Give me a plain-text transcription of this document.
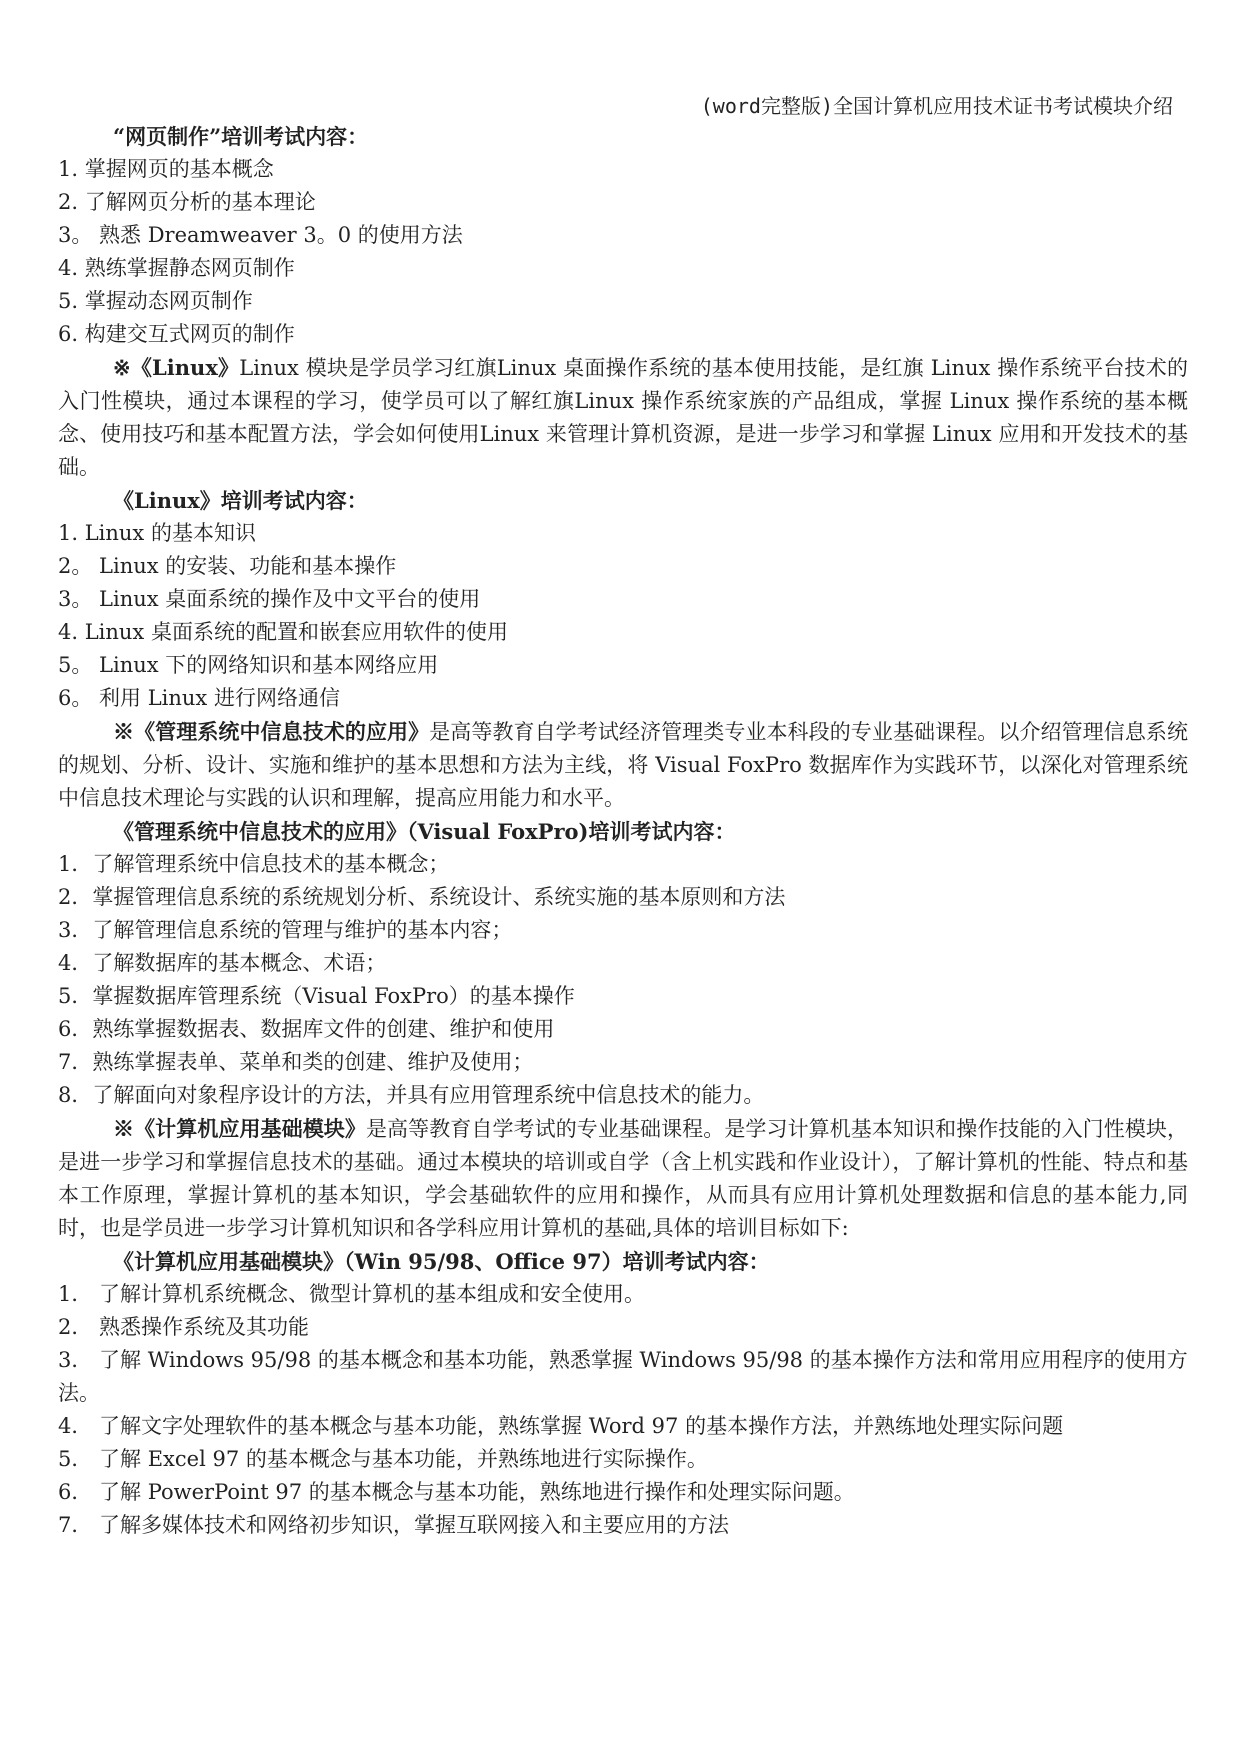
(word完整版)全国计算机应用技术证书考试模块介绍
“网页制作”培训考试内容：
1. 掌握网页的基本概念
2. 了解网页分析的基本理论
3。 熟悉 Dreamweaver 3。0 的使用方法
4. 熟练掌握静态网页制作
5. 掌握动态网页制作
6. 构建交互式网页的制作
※《Linux》Linux 模块是学员学习红旗Linux 桌面操作系统的基本使用技能，是红旗 Linux 操作系统平台技术的入门性模块，通过本课程的学习，使学员可以了解红旗Linux 操作系统家族的产品组成，掌握 Linux 操作系统的基本概念、使用技巧和基本配置方法，学会如何使用Linux 来管理计算机资源，是进一步学习和掌握 Linux 应用和开发技术的基础。
《Linux》培训考试内容：
1. Linux 的基本知识
2。 Linux 的安装、功能和基本操作
3。 Linux 桌面系统的操作及中文平台的使用
4. Linux 桌面系统的配置和嵌套应用软件的使用
5。 Linux 下的网络知识和基本网络应用
6。 利用 Linux 进行网络通信
※《管理系统中信息技术的应用》是高等教育自学考试经济管理类专业本科段的专业基础课程。以介绍管理信息系统的规划、分析、设计、实施和维护的基本思想和方法为主线，将 Visual FoxPro 数据库作为实践环节，以深化对管理系统中信息技术理论与实践的认识和理解，提高应用能力和水平。
《管理系统中信息技术的应用》（Visual FoxPro)培训考试内容：
1．了解管理系统中信息技术的基本概念；
2．掌握管理信息系统的系统规划分析、系统设计、系统实施的基本原则和方法
3．了解管理信息系统的管理与维护的基本内容；
4．了解数据库的基本概念、术语；
5．掌握数据库管理系统（Visual FoxPro）的基本操作
6．熟练掌握数据表、数据库文件的创建、维护和使用
7．熟练掌握表单、菜单和类的创建、维护及使用；
8．了解面向对象程序设计的方法，并具有应用管理系统中信息技术的能力。
※《计算机应用基础模块》是高等教育自学考试的专业基础课程。是学习计算机基本知识和操作技能的入门性模块，是进一步学习和掌握信息技术的基础。通过本模块的培训或自学（含上机实践和作业设计），了解计算机的性能、特点和基本工作原理，掌握计算机的基本知识，学会基础软件的应用和操作，从而具有应用计算机处理数据和信息的基本能力,同时，也是学员进一步学习计算机知识和各学科应用计算机的基础,具体的培训目标如下:
《计算机应用基础模块》（Win 95/98、Office 97）培训考试内容：
1． 了解计算机系统概念、微型计算机的基本组成和安全使用。
2． 熟悉操作系统及其功能
3． 了解 Windows 95/98 的基本概念和基本功能，熟悉掌握 Windows 95/98 的基本操作方法和常用应用程序的使用方法。
4． 了解文字处理软件的基本概念与基本功能，熟练掌握 Word 97 的基本操作方法，并熟练地处理实际问题
5． 了解 Excel 97 的基本概念与基本功能，并熟练地进行实际操作。
6． 了解 PowerPoint 97 的基本概念与基本功能，熟练地进行操作和处理实际问题。
7． 了解多媒体技术和网络初步知识，掌握互联网接入和主要应用的方法
